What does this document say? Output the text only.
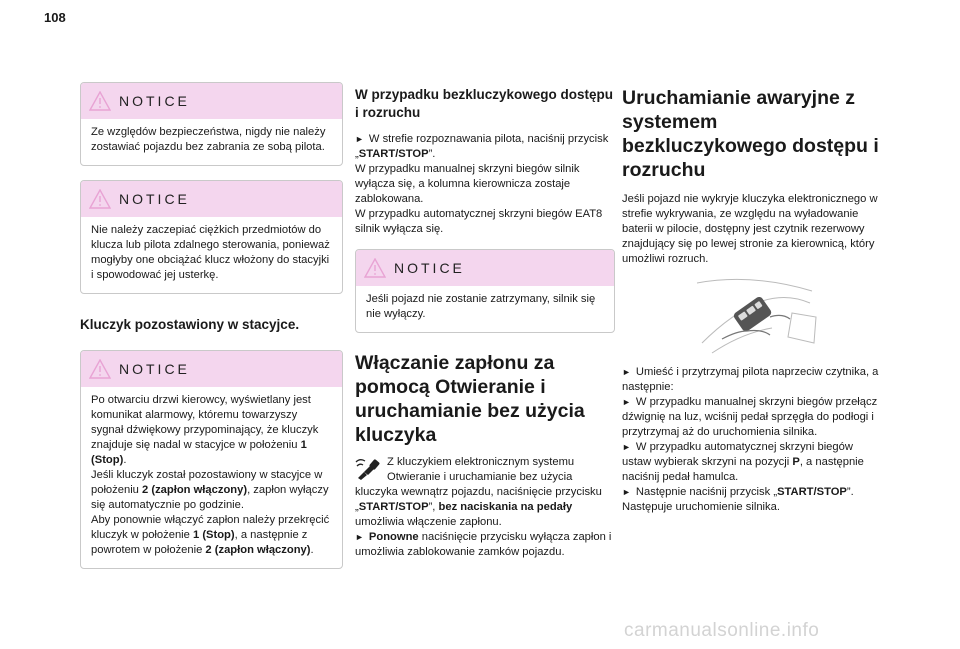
108
NOTICE

Ze względów bezpieczeństwa, nigdy nie należy zostawiać pojazdu bez zabrania ze sobą pilota.

NOTICE

Nie należy zaczepiać ciężkich przedmiotów do klucza lub pilota zdalnego sterowania, ponieważ mogłyby one obciążać klucz włożony do stacyjki i spowodować jej usterkę.

Kluczyk pozostawiony w stacyjce.

NOTICE

Po otwarciu drzwi kierowcy, wyświetlany jest komunikat alarmowy, któremu towarzyszy sygnał dźwiękowy przypominający, że kluczyk znajduje się nadal w stacyjce w położeniu 1 (Stop).

Jeśli kluczyk został pozostawiony w stacyjce w położeniu 2 (zapłon włączony), zapłon wyłączy się automatycznie po godzinie.

Aby ponownie włączyć zapłon należy przekręcić kluczyk w położenie 1 (Stop), a następnie z powrotem w położenie 2 (zapłon włączony).

W przypadku bezkluczykowego dostępu i rozruchu

► W strefie rozpoznawania pilota, naciśnij przycisk „START/STOP”.

W przypadku manualnej skrzyni biegów silnik wyłącza się, a kolumna kierownicza zostaje zablokowana.

W przypadku automatycznej skrzyni biegów EAT8 silnik wyłącza się.

NOTICE

Jeśli pojazd nie zostanie zatrzymany, silnik się nie wyłączy.

Włączanie zapłonu za pomocą Otwieranie i uruchamianie bez użycia kluczyka

Z kluczykiem elektronicznym systemu Otwieranie i uruchamianie bez użycia kluczyka wewnątrz pojazdu, naciśnięcie przycisku „START/STOP”, bez naciskania na pedały umożliwia włączenie zapłonu.

► Ponowne naciśnięcie przycisku wyłącza zapłon i umożliwia zablokowanie zamków pojazdu.

Uruchamianie awaryjne z systemem bezkluczykowego dostępu i rozruchu

Jeśli pojazd nie wykryje kluczyka elektronicznego w strefie wykrywania, ze względu na wyładowanie baterii w pilocie, dostępny jest czytnik rezerwowy znajdujący się po lewej stronie za kierownicą, który umożliwi rozruch.

► Umieść i przytrzymaj pilota naprzeciw czytnika, a następnie:

► W przypadku manualnej skrzyni biegów przełącz dźwignię na luz, wciśnij pedał sprzęgła do podłogi i przytrzymaj aż do uruchomienia silnika.

► W przypadku automatycznej skrzyni biegów ustaw wybierak skrzyni na pozycji P, a następnie naciśnij pedał hamulca.

► Następnie naciśnij przycisk „START/STOP”.

Następuje uruchomienie silnika.

carmanualsonline.info
